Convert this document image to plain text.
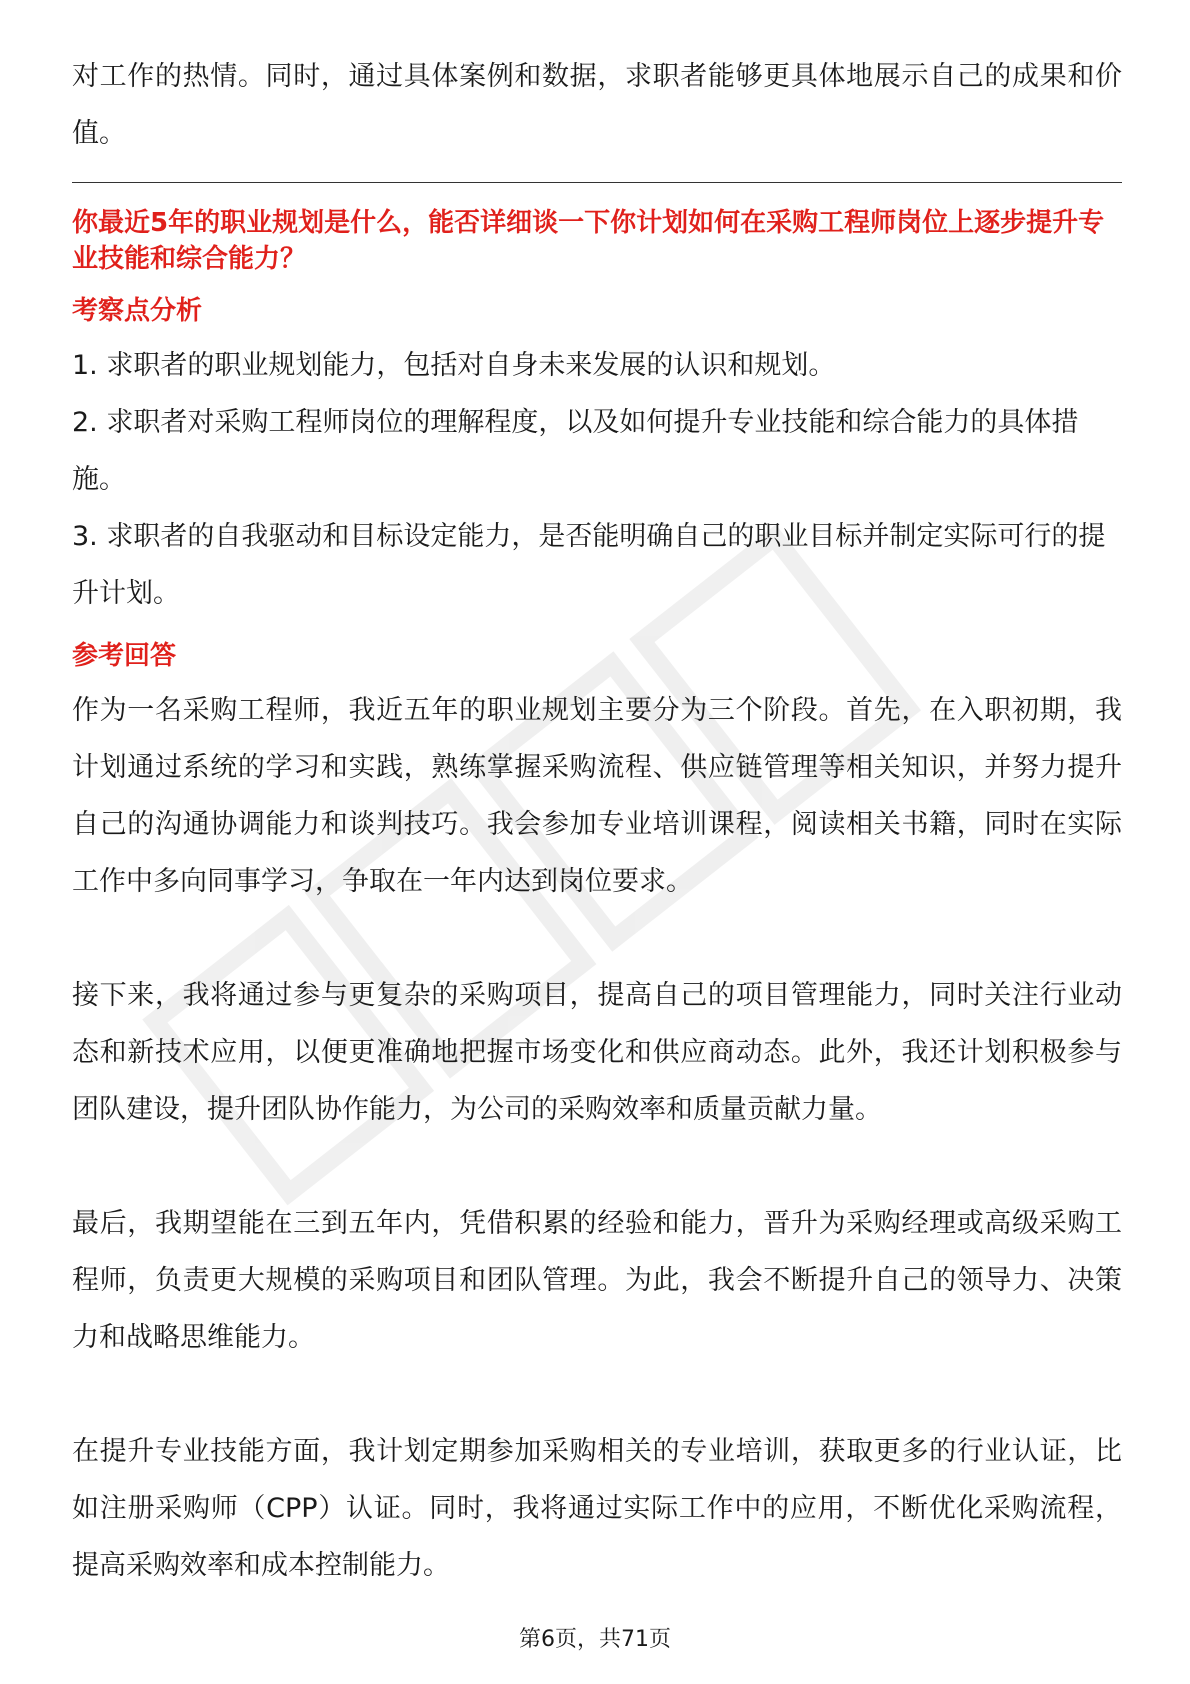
对工作的热情。同时，通过具体案例和数据，求职者能够更具体地展示自己的成果和价值。

你最近5年的职业规划是什么，能否详细谈一下你计划如何在采购工程师岗位上逐步提升专业技能和综合能力？

考察点分析

1. 求职者的职业规划能力，包括对自身未来发展的认识和规划。

2. 求职者对采购工程师岗位的理解程度，以及如何提升专业技能和综合能力的具体措施。

3. 求职者的自我驱动和目标设定能力，是否能明确自己的职业目标并制定实际可行的提升计划。

参考回答

作为一名采购工程师，我近五年的职业规划主要分为三个阶段。首先，在入职初期，我计划通过系统的学习和实践，熟练掌握采购流程、供应链管理等相关知识，并努力提升自己的沟通协调能力和谈判技巧。我会参加专业培训课程，阅读相关书籍，同时在实际工作中多向同事学习，争取在一年内达到岗位要求。

接下来，我将通过参与更复杂的采购项目，提高自己的项目管理能力，同时关注行业动态和新技术应用，以便更准确地把握市场变化和供应商动态。此外，我还计划积极参与团队建设，提升团队协作能力，为公司的采购效率和质量贡献力量。

最后，我期望能在三到五年内，凭借积累的经验和能力，晋升为采购经理或高级采购工程师，负责更大规模的采购项目和团队管理。为此，我会不断提升自己的领导力、决策力和战略思维能力。

在提升专业技能方面，我计划定期参加采购相关的专业培训，获取更多的行业认证，比如注册采购师（CPP）认证。同时，我将通过实际工作中的应用，不断优化采购流程，提高采购效率和成本控制能力。

第6页，共71页
